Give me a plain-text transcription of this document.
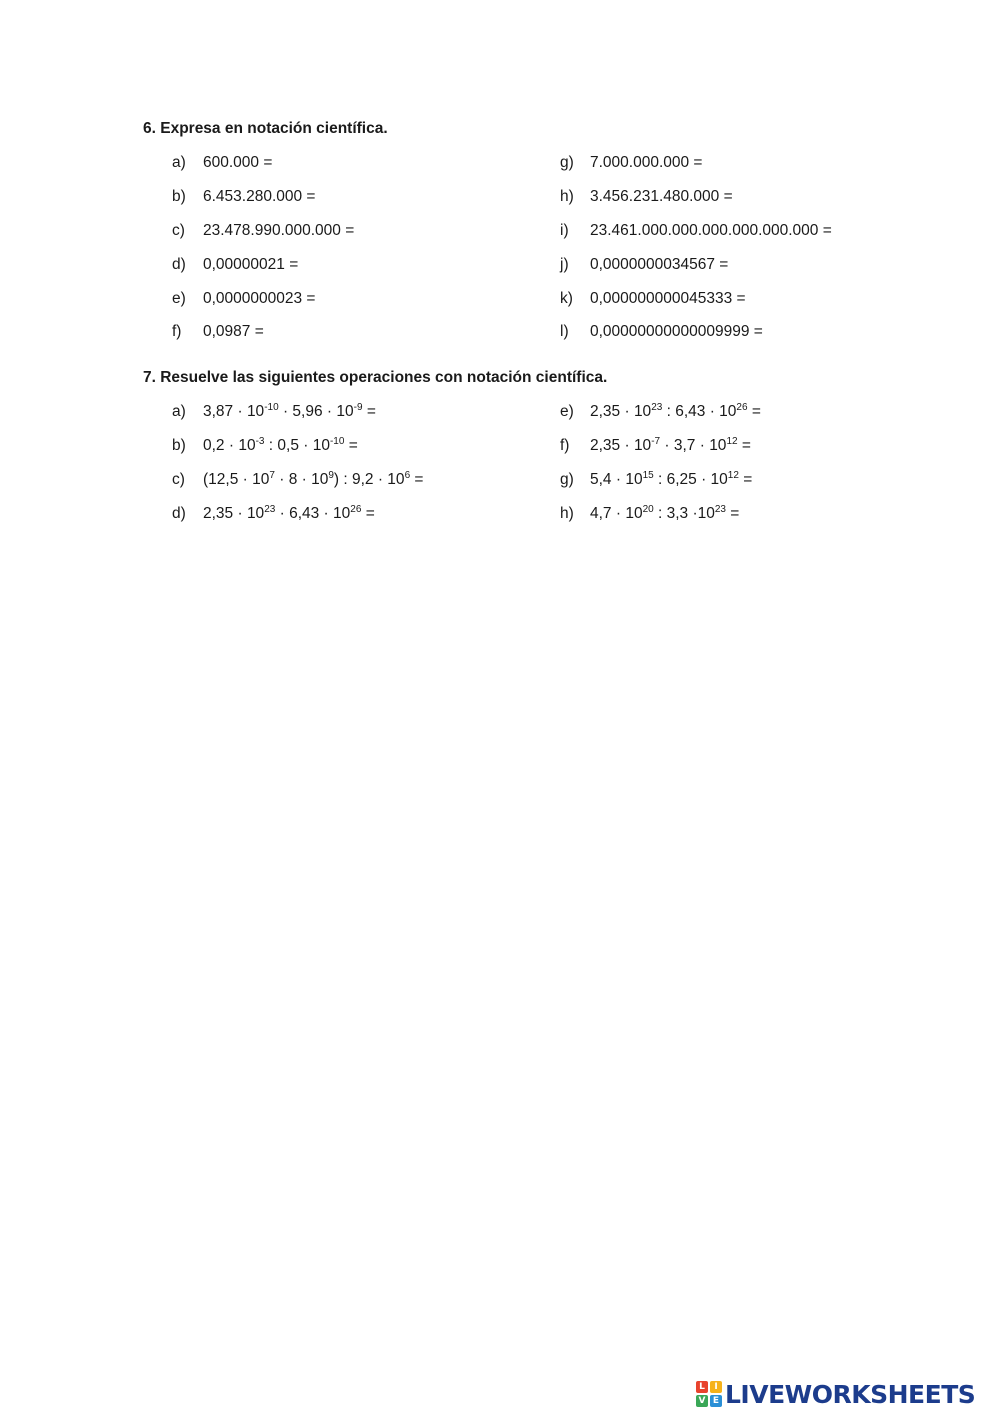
6. Expresa en notación científica.
a) 600.000 =	g) 7.000.000.000 =
b) 6.453.280.000 =	h) 3.456.231.480.000 =
c) 23.478.990.000.000 =	i) 23.461.000.000.000.000.000.000 =
d) 0,00000021 =	j) 0,0000000034567 =
e) 0,0000000023 =	k) 0,000000000045333 =
f) 0,0987 =	l) 0,00000000000009999 =
7. Resuelve las siguientes operaciones con notación científica.
a) $3,87 \cdot 10^{-10} \cdot 5,96 \cdot 10^{-9}$ =	e) $2,35 \cdot 10^{23}$ : $6,43 \cdot 10^{26}$ =
b) $0,2 \cdot 10^{-3}$ : $0,5 \cdot 10^{-10}$ =	f) $2,35 \cdot 10^{-7} \cdot 3,7 \cdot 10^{12}$ =
c) $(12,5 \cdot 10^7 \cdot 8 \cdot 10^9)$ : $9,2 \cdot 10^6$ =	g) $5,4 \cdot 10^{15}$ : $6,25 \cdot 10^{12}$ =
d) $2,35 \cdot 10^{23} \cdot 6,43 \cdot 10^{26}$ =	h) $4,7 \cdot 10^{20}$ : $3,3 \cdot 10^{23}$ =
L	I
V E LIVEWORKSHEETS
